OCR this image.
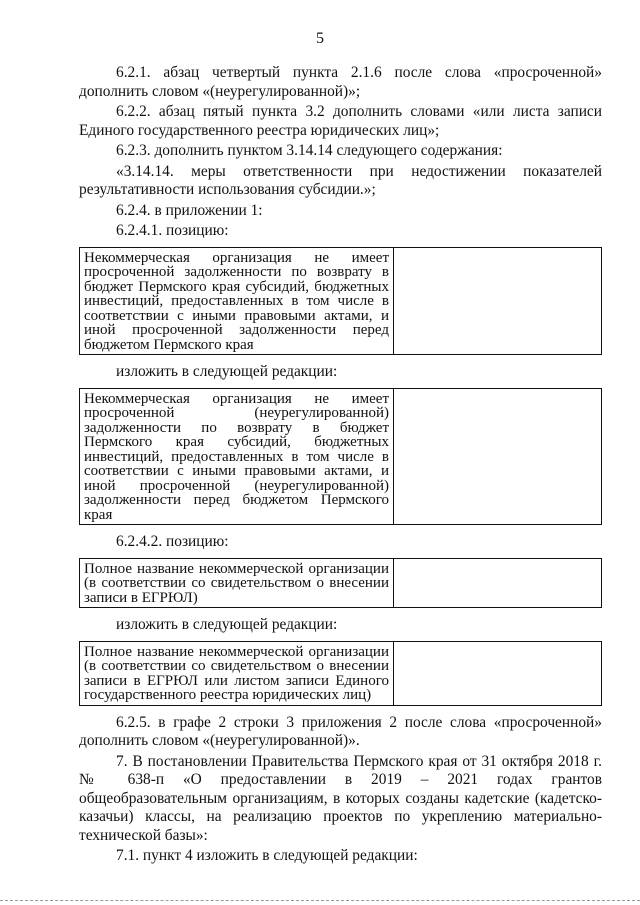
5

6.2.1. абзац четвертый пункта 2.1.6 после слова «просроченной» дополнить словом «(неурегулированной)»;

6.2.2. абзац пятый пункта 3.2 дополнить словами «или листа записи Единого государственного реестра юридических лиц»;

6.2.3. дополнить пунктом 3.14.14 следующего содержания:

«3.14.14. меры ответственности при недостижении показателей результативности использования субсидии.»;

6.2.4. в приложении 1:

6.2.4.1. позицию:

Некоммерческая организация не имеет просроченной задолженности по возврату в бюджет Пермского края субсидий, бюджетных инвестиций, предоставленных в том числе в соответствии с иными правовыми актами, и иной просроченной задолженности перед бюджетом Пермского края	

изложить в следующей редакции:

Некоммерческая организация не имеет просроченной (неурегулированной) задолженности по возврату в бюджет Пермского края субсидий, бюджетных инвестиций, предоставленных в том числе в соответствии с иными правовыми актами, и иной просроченной (неурегулированной) задолженности перед бюджетом Пермского края	

6.2.4.2. позицию:

Полное название некоммерческой организации (в соответствии со свидетельством о внесении записи в ЕГРЮЛ)	

изложить в следующей редакции:

Полное название некоммерческой организации (в соответствии со свидетельством о внесении записи в ЕГРЮЛ или листом записи Единого государственного реестра юридических лиц)	

6.2.5. в графе 2 строки 3 приложения 2 после слова «просроченной» дополнить словом «(неурегулированной)».

7. В постановлении Правительства Пермского края от 31 октября 2018 г. № 638-п «О предоставлении в 2019 – 2021 годах грантов общеобразовательным организациям, в которых созданы кадетские (кадетско-казачьи) классы, на реализацию проектов по укреплению материально-технической базы»:

7.1. пункт 4 изложить в следующей редакции:
